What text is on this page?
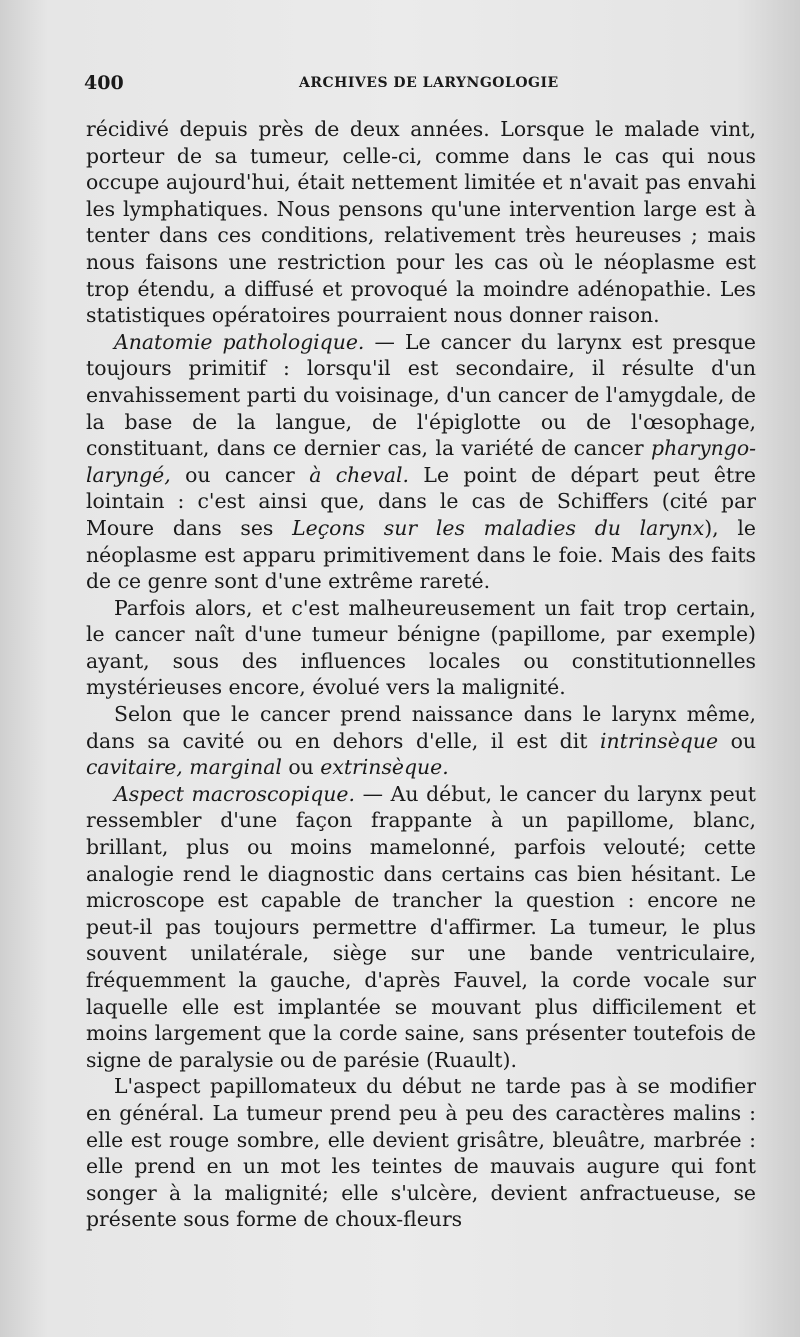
400	ARCHIVES DE LARYNGOLOGIE

récidivé depuis près de deux années. Lorsque le malade vint, porteur de sa tumeur, celle-ci, comme dans le cas qui nous occupe aujourd'hui, était nettement limitée et n'avait pas envahi les lymphatiques. Nous pensons qu'une intervention large est à tenter dans ces conditions, relativement très heureuses ; mais nous faisons une restriction pour les cas où le néoplasme est trop étendu, a diffusé et provoqué la moindre adénopathie. Les statistiques opératoires pourraient nous donner raison.

Anatomie pathologique. — Le cancer du larynx est presque toujours primitif : lorsqu'il est secondaire, il résulte d'un envahissement parti du voisinage, d'un cancer de l'amygdale, de la base de la langue, de l'épiglotte ou de l'œsophage, constituant, dans ce dernier cas, la variété de cancer pharyngo-laryngé, ou cancer à cheval. Le point de départ peut être lointain : c'est ainsi que, dans le cas de Schiffers (cité par Moure dans ses Leçons sur les maladies du larynx), le néoplasme est apparu primitivement dans le foie. Mais des faits de ce genre sont d'une extrême rareté.

Parfois alors, et c'est malheureusement un fait trop certain, le cancer naît d'une tumeur bénigne (papillome, par exemple) ayant, sous des influences locales ou constitutionnelles mystérieuses encore, évolué vers la malignité.

Selon que le cancer prend naissance dans le larynx même, dans sa cavité ou en dehors d'elle, il est dit intrinsèque ou cavitaire, marginal ou extrinsèque.

Aspect macroscopique. — Au début, le cancer du larynx peut ressembler d'une façon frappante à un papillome, blanc, brillant, plus ou moins mamelonné, parfois velouté; cette analogie rend le diagnostic dans certains cas bien hésitant. Le microscope est capable de trancher la question : encore ne peut-il pas toujours permettre d'affirmer. La tumeur, le plus souvent unilatérale, siège sur une bande ventriculaire, fréquemment la gauche, d'après Fauvel, la corde vocale sur laquelle elle est implantée se mouvant plus difficilement et moins largement que la corde saine, sans présenter toutefois de signe de paralysie ou de parésie (Ruault).

L'aspect papillomateux du début ne tarde pas à se modifier en général. La tumeur prend peu à peu des caractères malins : elle est rouge sombre, elle devient grisâtre, bleuâtre, marbrée : elle prend en un mot les teintes de mauvais augure qui font songer à la malignité; elle s'ulcère, devient anfractueuse, se présente sous forme de choux-fleurs
